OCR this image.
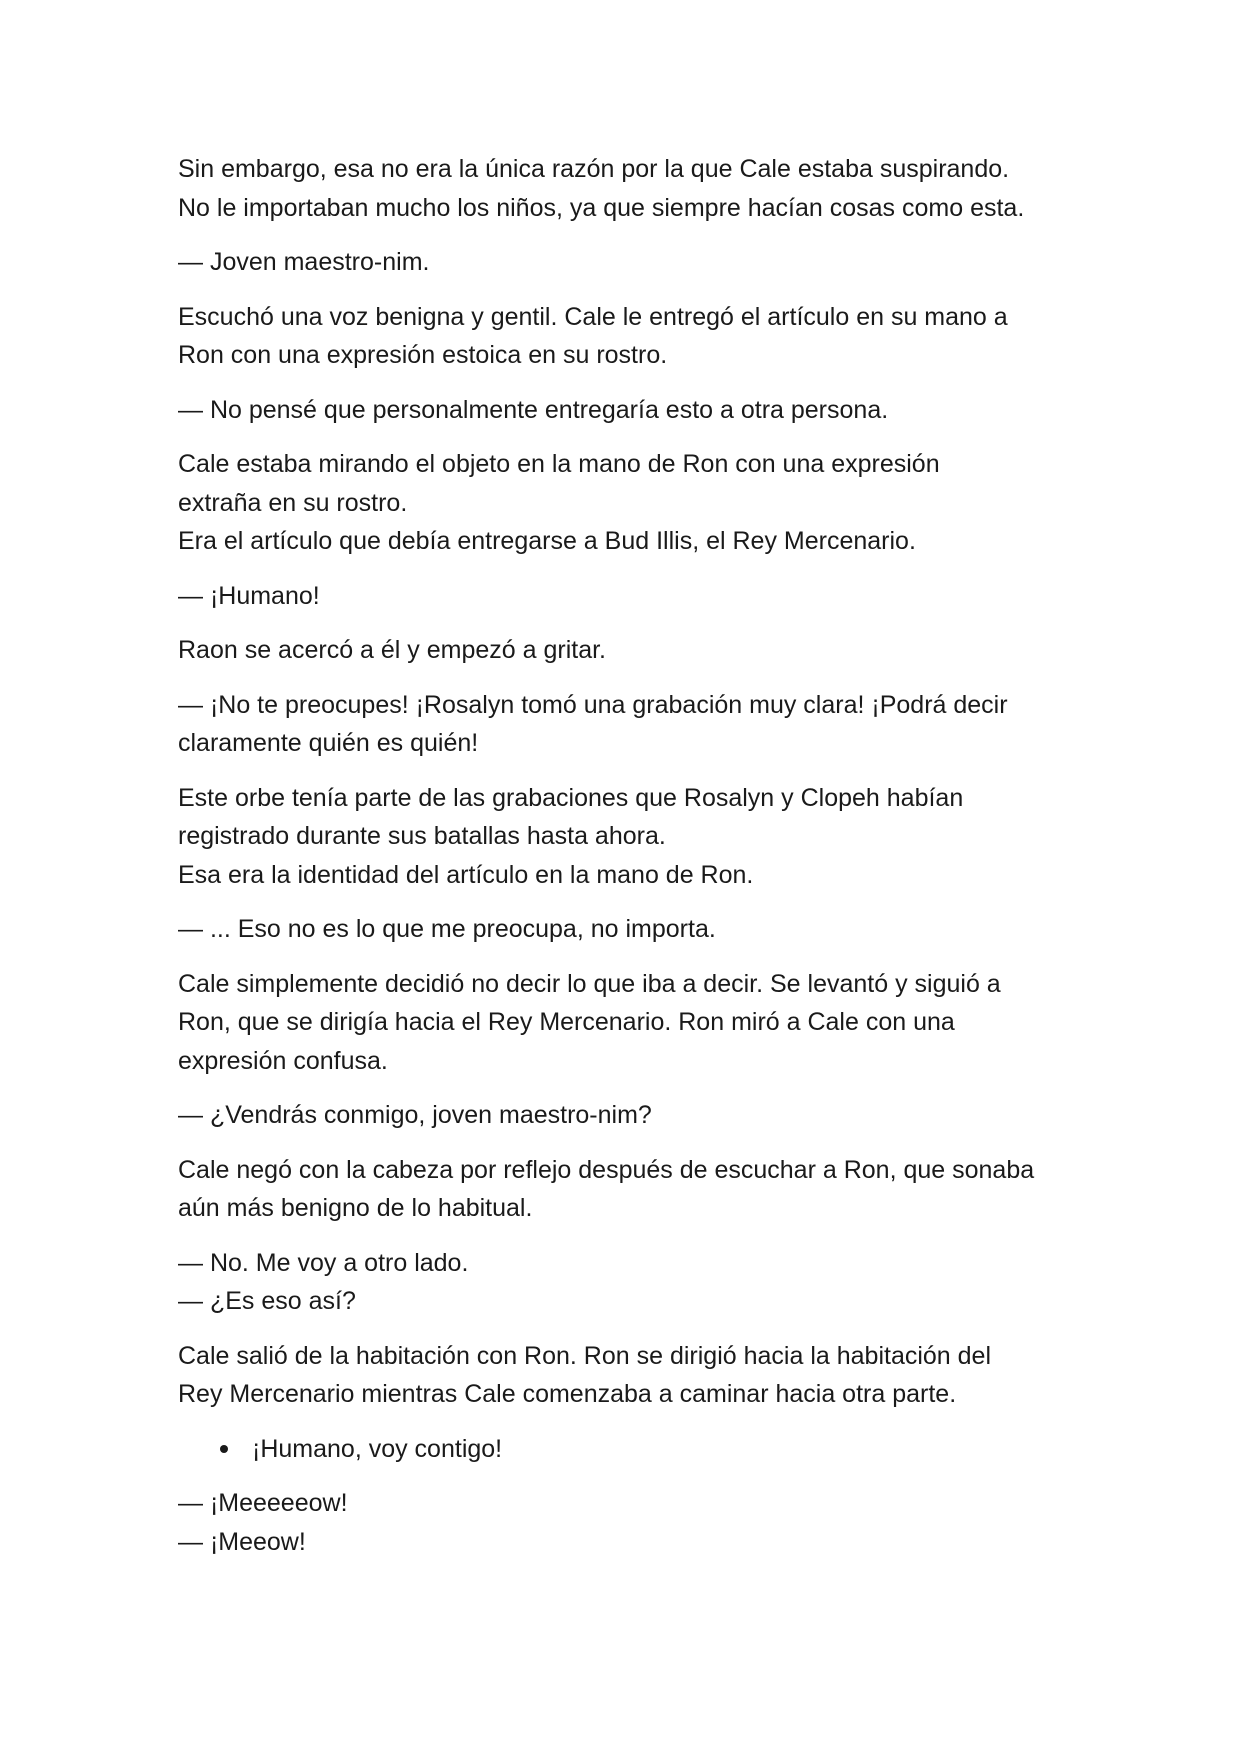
Sin embargo, esa no era la única razón por la que Cale estaba suspirando.
No le importaban mucho los niños, ya que siempre hacían cosas como esta.
— Joven maestro-nim.
Escuchó una voz benigna y gentil. Cale le entregó el artículo en su mano a
Ron con una expresión estoica en su rostro.
— No pensé que personalmente entregaría esto a otra persona.
Cale estaba mirando el objeto en la mano de Ron con una expresión
extraña en su rostro.
Era el artículo que debía entregarse a Bud Illis, el Rey Mercenario.
— ¡Humano!
Raon se acercó a él y empezó a gritar.
— ¡No te preocupes! ¡Rosalyn tomó una grabación muy clara! ¡Podrá decir
claramente quién es quién!
Este orbe tenía parte de las grabaciones que Rosalyn y Clopeh habían
registrado durante sus batallas hasta ahora.
Esa era la identidad del artículo en la mano de Ron.
— ... Eso no es lo que me preocupa, no importa.
Cale simplemente decidió no decir lo que iba a decir. Se levantó y siguió a
Ron, que se dirigía hacia el Rey Mercenario. Ron miró a Cale con una
expresión confusa.
— ¿Vendrás conmigo, joven maestro-nim?
Cale negó con la cabeza por reflejo después de escuchar a Ron, que sonaba
aún más benigno de lo habitual.
— No. Me voy a otro lado.
— ¿Es eso así?
Cale salió de la habitación con Ron. Ron se dirigió hacia la habitación del
Rey Mercenario mientras Cale comenzaba a caminar hacia otra parte.
¡Humano, voy contigo!
— ¡Meeeeeow!
— ¡Meeow!
